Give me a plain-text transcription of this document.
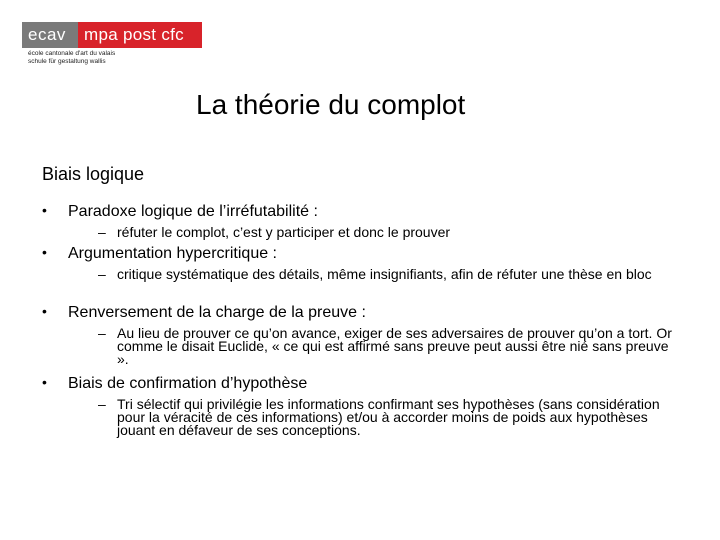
ecav	mpa post cfc
école cantonale d'art du valais
schule für gestaltung wallis
La théorie du complot
Biais logique
• Paradoxe logique de l’irréfutabilité :
– réfuter le complot, c’est y participer et donc le prouver
• Argumentation hypercritique :
– critique systématique des détails, même insignifiants, afin de réfuter une thèse en bloc
• Renversement de la charge de la preuve :
– Au lieu de prouver ce qu’on avance, exiger de ses adversaires de prouver qu’on a tort. Or comme le disait Euclide, « ce qui est affirmé sans preuve peut aussi être nié sans preuve ».
• Biais de confirmation d’hypothèse
– Tri sélectif qui privilégie les informations confirmant ses hypothèses (sans considération pour la véracité de ces informations) et/ou à accorder moins de poids aux hypothèses jouant en défaveur de ses conceptions.
